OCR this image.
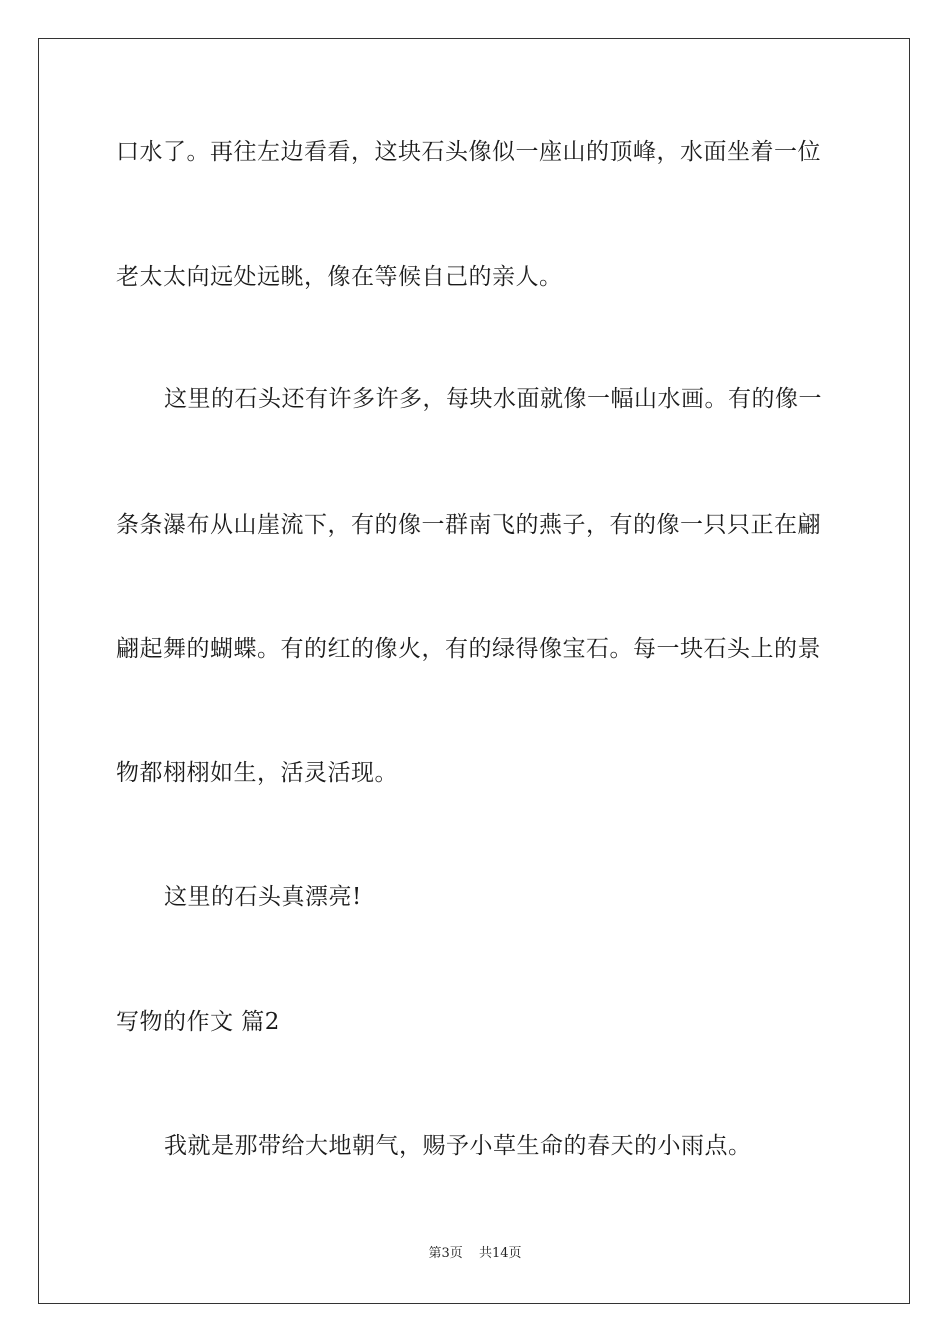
口水了。再往左边看看，这块石头像似一座山的顶峰，水面坐着一位
老太太向远处远眺，像在等候自己的亲人。
这里的石头还有许多许多，每块水面就像一幅山水画。有的像一
条条瀑布从山崖流下，有的像一群南飞的燕子，有的像一只只正在翩
翩起舞的蝴蝶。有的红的像火，有的绿得像宝石。每一块石头上的景
物都栩栩如生，活灵活现。
这里的石头真漂亮!
写物的作文 篇2
我就是那带给大地朝气，赐予小草生命的春天的小雨点。
第3页 共14页
